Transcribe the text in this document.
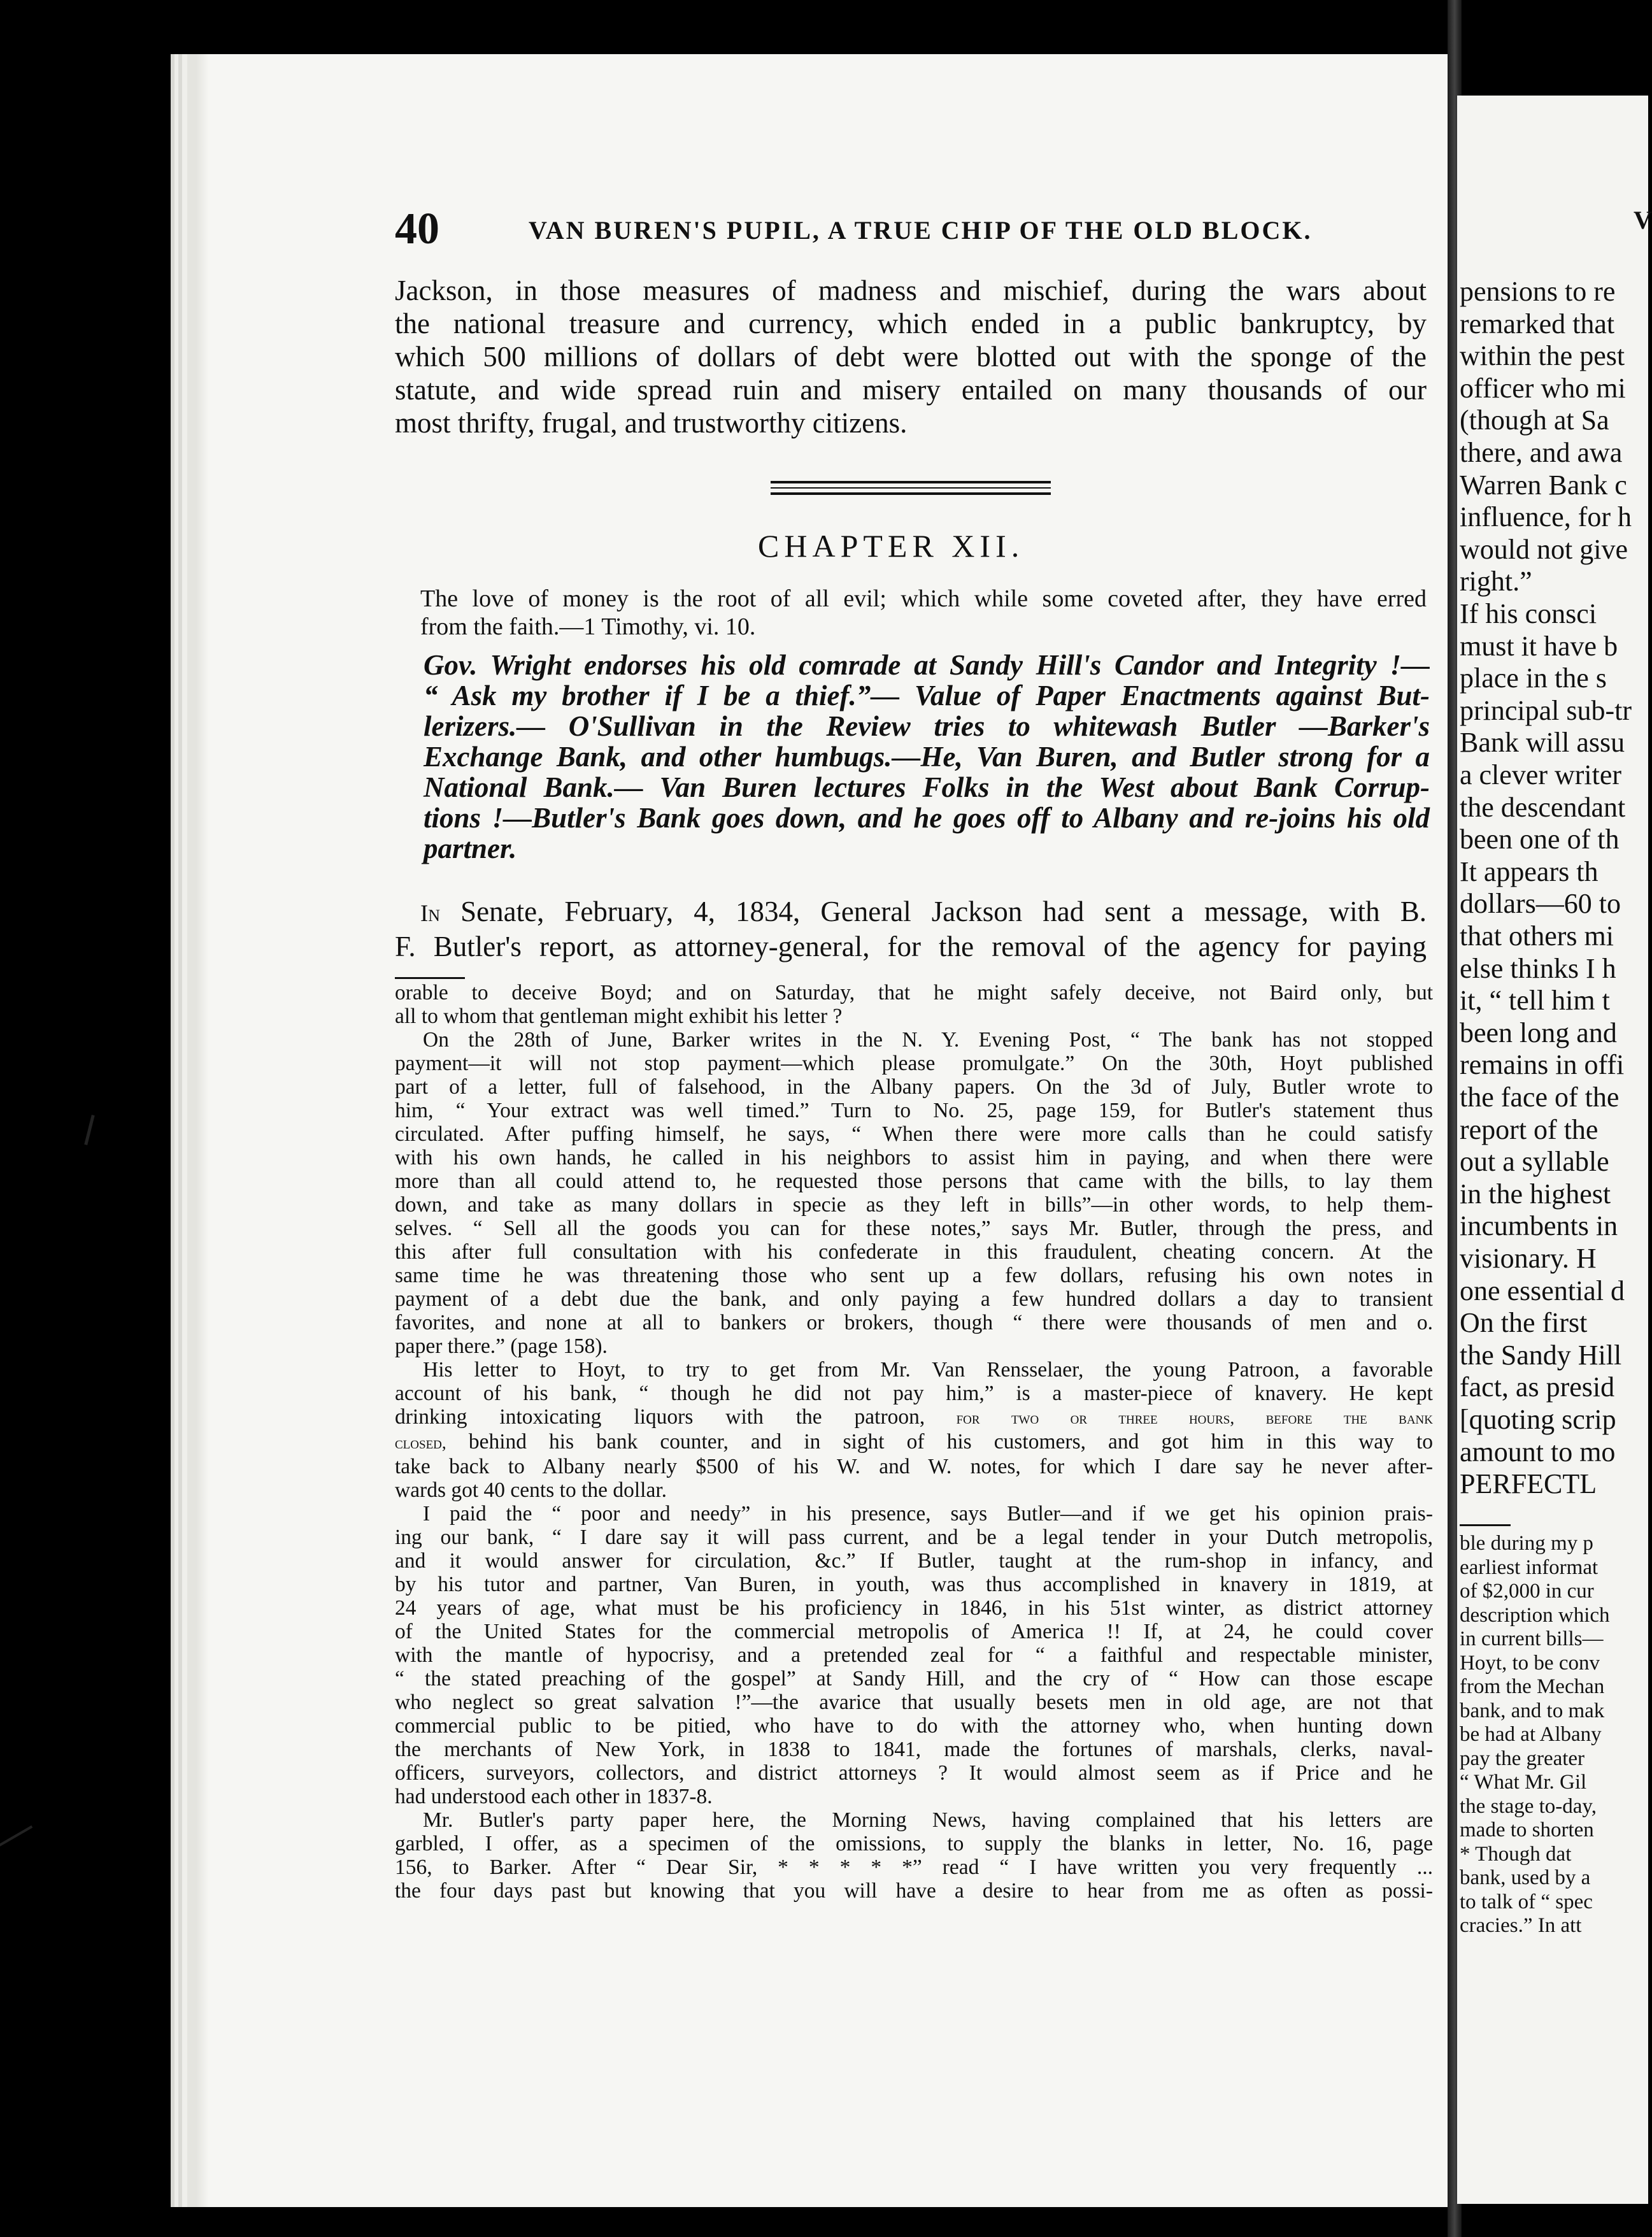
40	VAN BUREN'S PUPIL, A TRUE CHIP OF THE OLD BLOCK.

Jackson, in those measures of madness and mischief, during the wars about

the national treasure and currency, which ended in a public bankruptcy, by

which 500 millions of dollars of debt were blotted out with the sponge of the

statute, and wide spread ruin and misery entailed on many thousands of our

most thrifty, frugal, and trustworthy citizens.

CHAPTER XII.

The love of money is the root of all evil; which while some coveted after, they have erred

from the faith.—1 Timothy, vi. 10.

Gov. Wright endorses his old comrade at Sandy Hill's Candor and Integrity !—

“ Ask my brother if I be a thief.”— Value of Paper Enactments against But-

lerizers.— O'Sullivan in the Review tries to whitewash Butler —Barker's

Exchange Bank, and other humbugs.—He, Van Buren, and Butler strong for a

National Bank.— Van Buren lectures Folks in the West about Bank Corrup-

tions !—Butler's Bank goes down, and he goes off to Albany and re-joins his old

partner.

In Senate, February, 4, 1834, General Jackson had sent a message, with B.

F. Butler's report, as attorney-general, for the removal of the agency for paying

orable to deceive Boyd; and on Saturday, that he might safely deceive, not Baird only, but

all to whom that gentleman might exhibit his letter ?

On the 28th of June, Barker writes in the N. Y. Evening Post, “ The bank has not stopped

payment—it will not stop payment—which please promulgate.” On the 30th, Hoyt published

part of a letter, full of falsehood, in the Albany papers. On the 3d of July, Butler wrote to

him, “ Your extract was well timed.” Turn to No. 25, page 159, for Butler's statement thus

circulated. After puffing himself, he says, “ When there were more calls than he could satisfy

with his own hands, he called in his neighbors to assist him in paying, and when there were

more than all could attend to, he requested those persons that came with the bills, to lay them

down, and take as many dollars in specie as they left in bills”—in other words, to help them-

selves. “ Sell all the goods you can for these notes,” says Mr. Butler, through the press, and

this after full consultation with his confederate in this fraudulent, cheating concern. At the

same time he was threatening those who sent up a few dollars, refusing his own notes in

payment of a debt due the bank, and only paying a few hundred dollars a day to transient

favorites, and none at all to bankers or brokers, though “ there were thousands of men and o.

paper there.” (page 158).

His letter to Hoyt, to try to get from Mr. Van Rensselaer, the young Patroon, a favorable

account of his bank, “ though he did not pay him,” is a master-piece of knavery. He kept

drinking intoxicating liquors with the patroon, for two or three hours, before the bank

closed, behind his bank counter, and in sight of his customers, and got him in this way to

take back to Albany nearly $500 of his W. and W. notes, for which I dare say he never after-

wards got 40 cents to the dollar.

I paid the “ poor and needy” in his presence, says Butler—and if we get his opinion prais-

ing our bank, “ I dare say it will pass current, and be a legal tender in your Dutch metropolis,

and it would answer for circulation, &c.” If Butler, taught at the rum-shop in infancy, and

by his tutor and partner, Van Buren, in youth, was thus accomplished in knavery in 1819, at

24 years of age, what must be his proficiency in 1846, in his 51st winter, as district attorney

of the United States for the commercial metropolis of America !! If, at 24, he could cover

with the mantle of hypocrisy, and a pretended zeal for “ a faithful and respectable minister,

“ the stated preaching of the gospel” at Sandy Hill, and the cry of “ How can those escape

who neglect so great salvation !”—the avarice that usually besets men in old age, are not that

commercial public to be pitied, who have to do with the attorney who, when hunting down

the merchants of New York, in 1838 to 1841, made the fortunes of marshals, clerks, naval-

officers, surveyors, collectors, and district attorneys ? It would almost seem as if Price and he

had understood each other in 1837-8.

Mr. Butler's party paper here, the Morning News, having complained that his letters are

garbled, I offer, as a specimen of the omissions, to supply the blanks in letter, No. 16, page

156, to Barker. After “ Dear Sir, * * * * *” read “ I have written you very frequently ...

the four days past but knowing that you will have a desire to hear from me as often as possi-

V
pensions to re
remarked that
within the pest
officer who mi
(though at Sa
there, and awa
Warren Bank c
influence, for h
would not give
right.”
If his consci
must it have b
place in the s
principal sub-tr
Bank will assu
a clever writer
the descendant
been one of th
It appears th
dollars—60 to
that others mi
else thinks I h
it, “ tell him t
been long and
remains in offi
the face of the
report of the
out a syllable
in the highest
incumbents in
visionary. H
one essential d
On the first
the Sandy Hill
fact, as presid
[quoting scrip
amount to mo
PERFECTL
ble during my p
earliest informat
of $2,000 in cur
description which
in current bills—
Hoyt, to be conv
from the Mechan
bank, and to mak
be had at Albany
pay the greater
“ What Mr. Gil
the stage to-day,
made to shorten
* Though dat
bank, used by a
to talk of “ spec
cracies.” In att
